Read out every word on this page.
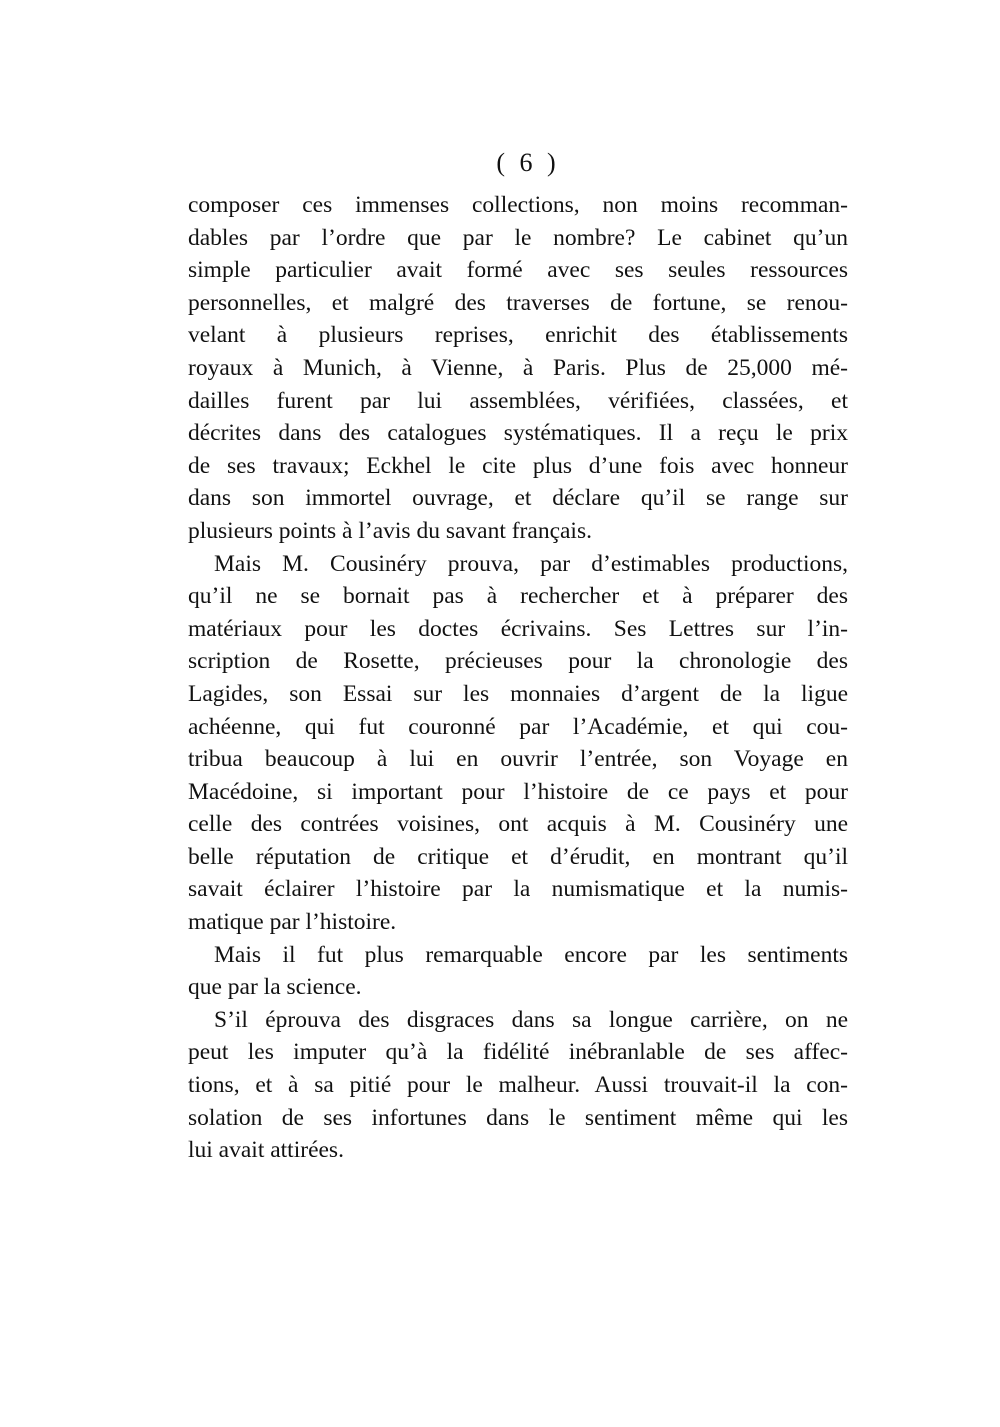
( 6 )
composer ces immenses collections, non moins recomman-
dables par l’ordre que par le nombre? Le cabinet qu’un
simple particulier avait formé avec ses seules ressources
personnelles, et malgré des traverses de fortune, se renou-
velant à plusieurs reprises, enrichit des établissements
royaux à Munich, à Vienne, à Paris. Plus de 25,000 mé-
dailles furent par lui assemblées, vérifiées, classées, et
décrites dans des catalogues systématiques. Il a reçu le prix
de ses travaux; Eckhel le cite plus d’une fois avec honneur
dans son immortel ouvrage, et déclare qu’il se range sur
plusieurs points à l’avis du savant français.
Mais M. Cousinéry prouva, par d’estimables productions,
qu’il ne se bornait pas à rechercher et à préparer des
matériaux pour les doctes écrivains. Ses Lettres sur l’in-
scription de Rosette, précieuses pour la chronologie des
Lagides, son Essai sur les monnaies d’argent de la ligue
achéenne, qui fut couronné par l’Académie, et qui cou-
tribua beaucoup à lui en ouvrir l’entrée, son Voyage en
Macédoine, si important pour l’histoire de ce pays et pour
celle des contrées voisines, ont acquis à M. Cousinéry une
belle réputation de critique et d’érudit, en montrant qu’il
savait éclairer l’histoire par la numismatique et la numis-
matique par l’histoire.
Mais il fut plus remarquable encore par les sentiments
que par la science.
S’il éprouva des disgraces dans sa longue carrière, on ne
peut les imputer qu’à la fidélité inébranlable de ses affec-
tions, et à sa pitié pour le malheur. Aussi trouvait-il la con-
solation de ses infortunes dans le sentiment même qui les
lui avait attirées.
